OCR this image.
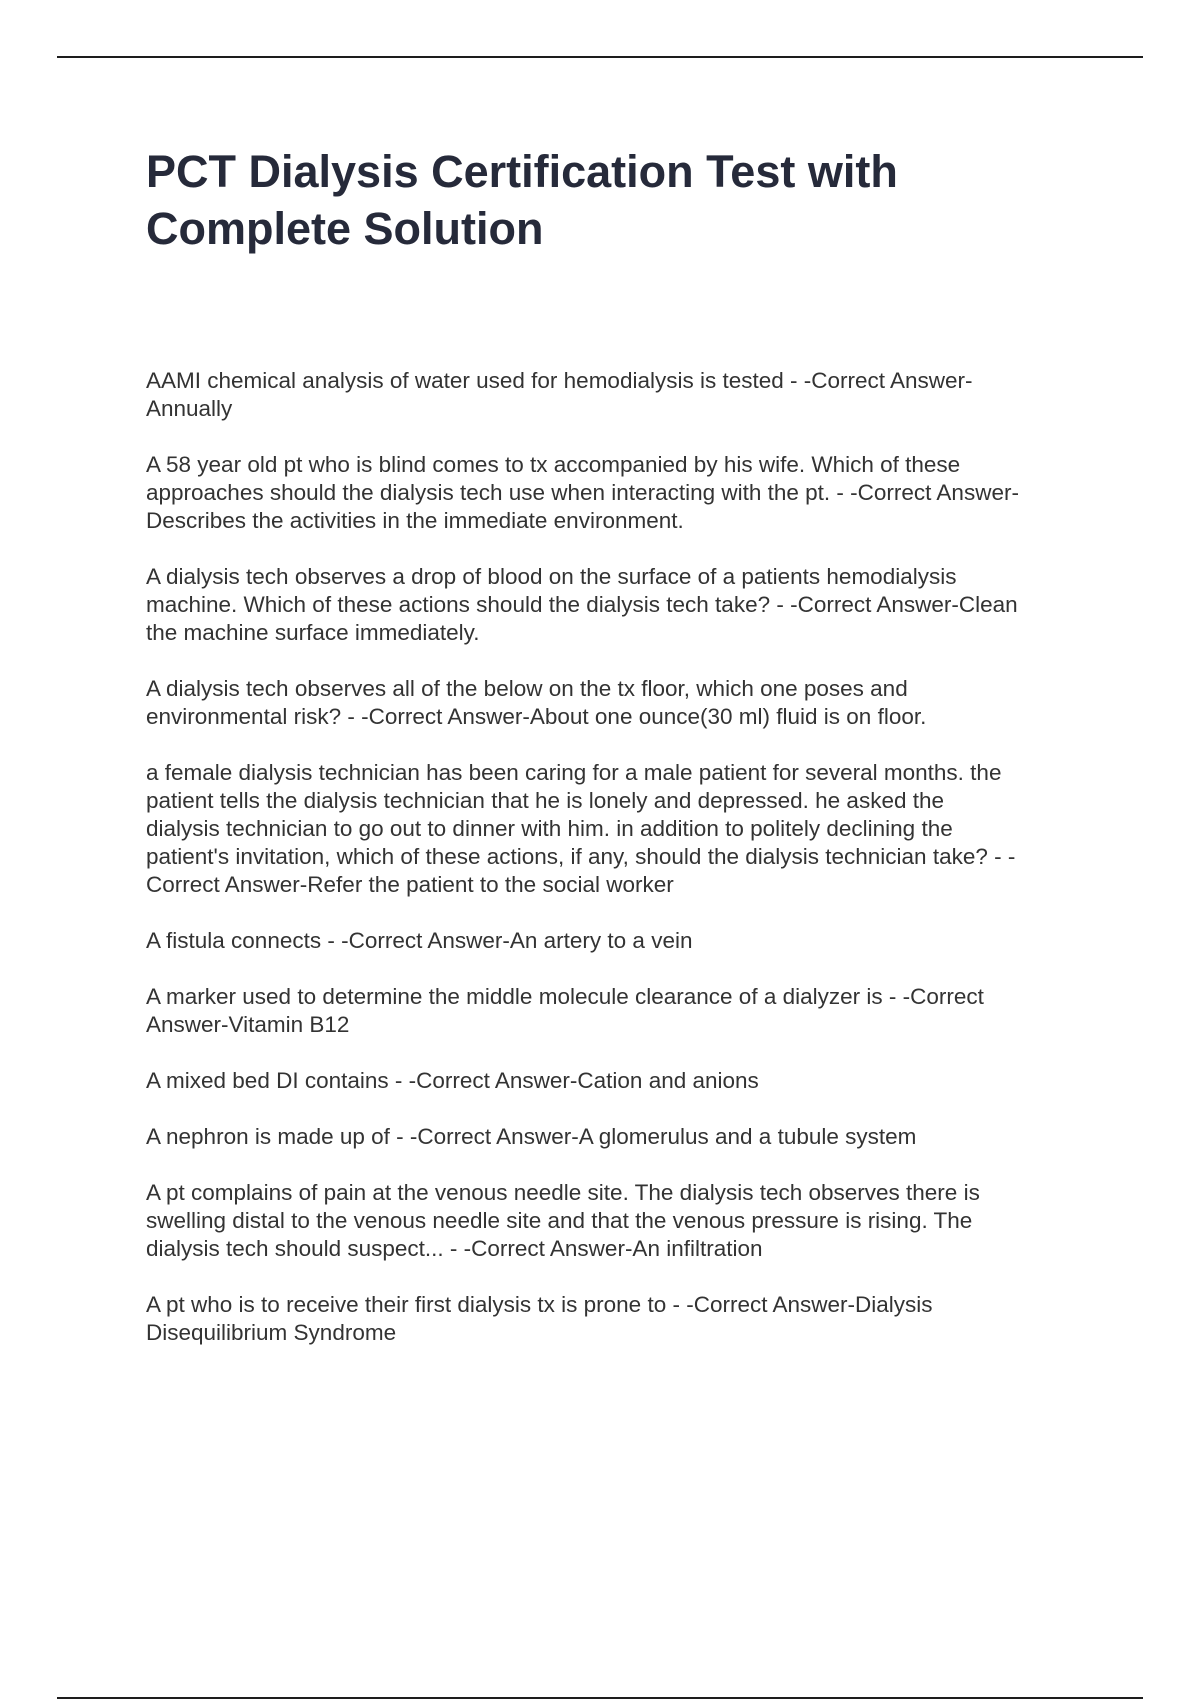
PCT Dialysis Certification Test with
Complete Solution
AAMI chemical analysis of water used for hemodialysis is tested - -Correct Answer-
Annually
A 58 year old pt who is blind comes to tx accompanied by his wife. Which of these
approaches should the dialysis tech use when interacting with the pt. - -Correct Answer-
Describes the activities in the immediate environment.
A dialysis tech observes a drop of blood on the surface of a patients hemodialysis
machine. Which of these actions should the dialysis tech take? - -Correct Answer-Clean
the machine surface immediately.
A dialysis tech observes all of the below on the tx floor, which one poses and
environmental risk? - -Correct Answer-About one ounce(30 ml) fluid is on floor.
a female dialysis technician has been caring for a male patient for several months. the
patient tells the dialysis technician that he is lonely and depressed. he asked the
dialysis technician to go out to dinner with him. in addition to politely declining the
patient's invitation, which of these actions, if any, should the dialysis technician take? - -
Correct Answer-Refer the patient to the social worker
A fistula connects - -Correct Answer-An artery to a vein
A marker used to determine the middle molecule clearance of a dialyzer is - -Correct
Answer-Vitamin B12
A mixed bed DI contains - -Correct Answer-Cation and anions
A nephron is made up of - -Correct Answer-A glomerulus and a tubule system
A pt complains of pain at the venous needle site. The dialysis tech observes there is
swelling distal to the venous needle site and that the venous pressure is rising. The
dialysis tech should suspect... - -Correct Answer-An infiltration
A pt who is to receive their first dialysis tx is prone to - -Correct Answer-Dialysis
Disequilibrium Syndrome
